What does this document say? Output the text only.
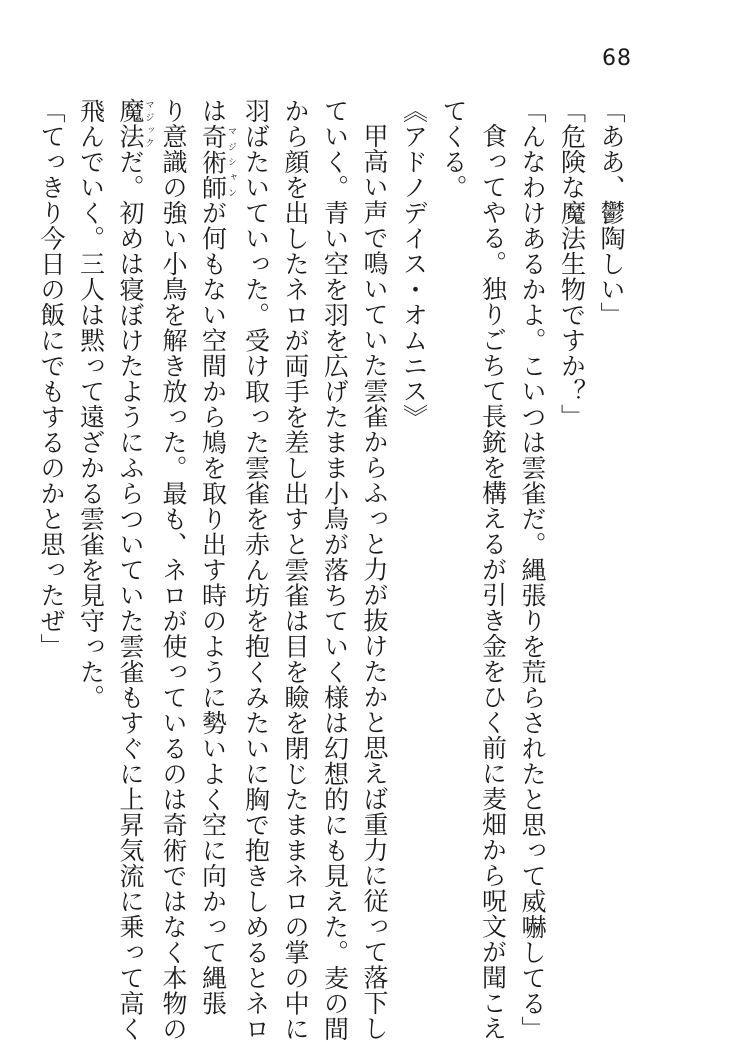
68
「ああ、鬱陶しい」
「危険な魔法生物ですか？」
「んなわけあるかよ。こいつは雲雀だ。縄張りを荒らされたと思って威嚇してる」
食ってやる。独りごちて長銃を構えるが引き金をひく前に麦畑から呪文が聞こえ
てくる。
《アドノデイス・オムニス》
甲高い声で鳴いていた雲雀からふっと力が抜けたかと思えば重力に従って落下し
ていく。青い空を羽を広げたまま小鳥が落ちていく様は幻想的にも見えた。麦の間
から顔を出したネロが両手を差し出すと雲雀は目を瞼を閉じたままネロの掌の中に
羽ばたいていった。受け取った雲雀を赤ん坊を抱くみたいに胸で抱きしめるとネロ
は奇術師マジシャンが何もない空間から鳩を取り出す時のように勢いよく空に向かって縄張
り意識の強い小鳥を解き放った。最も、ネロが使っているのは奇術ではなく本物の
魔法マジックだ。初めは寝ぼけたようにふらついていた雲雀もすぐに上昇気流に乗って高く
飛んでいく。三人は黙って遠ざかる雲雀を見守った。
「てっきり今日の飯にでもするのかと思ったぜ」
